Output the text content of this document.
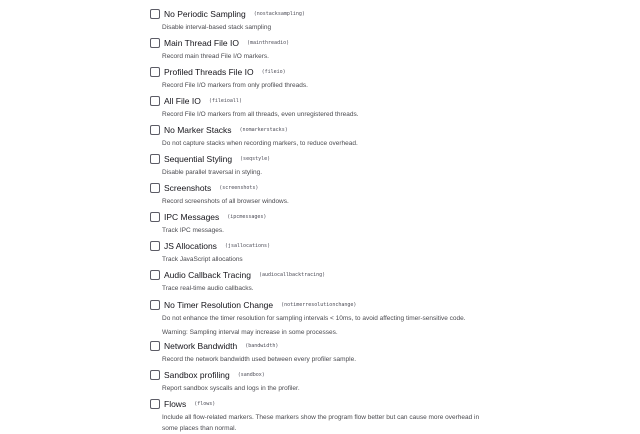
No Periodic Sampling (nostacksampling)
Disable interval-based stack sampling
Main Thread File IO (mainthreadio)
Record main thread File I/O markers.
Profiled Threads File IO (fileio)
Record File I/O markers from only profiled threads.
All File IO (fileioall)
Record File I/O markers from all threads, even unregistered threads.
No Marker Stacks (nomarkerstacks)
Do not capture stacks when recording markers, to reduce overhead.
Sequential Styling (seqstyle)
Disable parallel traversal in styling.
Screenshots (screenshots)
Record screenshots of all browser windows.
IPC Messages (ipcmessages)
Track IPC messages.
JS Allocations (jsallocations)
Track JavaScript allocations
Audio Callback Tracing (audiocallbacktracing)
Trace real-time audio callbacks.
No Timer Resolution Change (notimerresolutionchange)
Do not enhance the timer resolution for sampling intervals < 10ms, to avoid affecting timer-sensitive code.
Warning: Sampling interval may increase in some processes.
Network Bandwidth (bandwidth)
Record the network bandwidth used between every profiler sample.
Sandbox profiling (sandbox)
Report sandbox syscalls and logs in the profiler.
Flows (flows)
Include all flow-related markers. These markers show the program flow better but can cause more overhead in
some places than normal.
